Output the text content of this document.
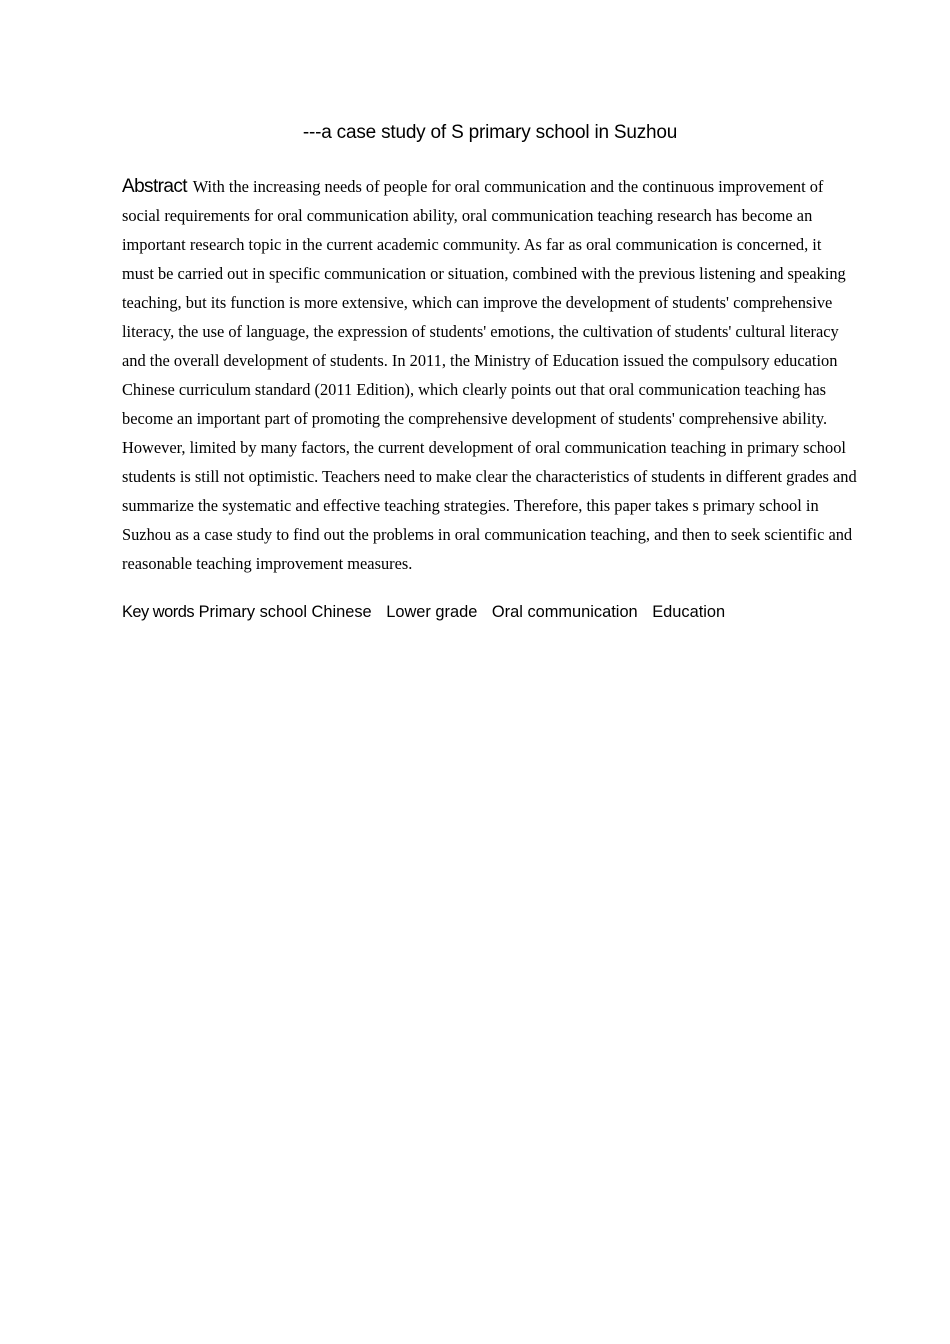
---a case study of S primary school in Suzhou
Abstract With the increasing needs of people for oral communication and the continuous improvement of social requirements for oral communication ability, oral communication teaching research has become an important research topic in the current academic community. As far as oral communication is concerned, it must be carried out in specific communication or situation, combined with the previous listening and speaking teaching, but its function is more extensive, which can improve the development of students' comprehensive literacy, the use of language, the expression of students' emotions, the cultivation of students' cultural literacy and the overall development of students. In 2011, the Ministry of Education issued the compulsory education Chinese curriculum standard (2011 Edition), which clearly points out that oral communication teaching has become an important part of promoting the comprehensive development of students' comprehensive ability. However, limited by many factors, the current development of oral communication teaching in primary school students is still not optimistic. Teachers need to make clear the characteristics of students in different grades and summarize the systematic and effective teaching strategies. Therefore, this paper takes s primary school in Suzhou as a case study to find out the problems in oral communication teaching, and then to seek scientific and reasonable teaching improvement measures.
Key words Primary school Chinese Lower grade Oral communication Education
